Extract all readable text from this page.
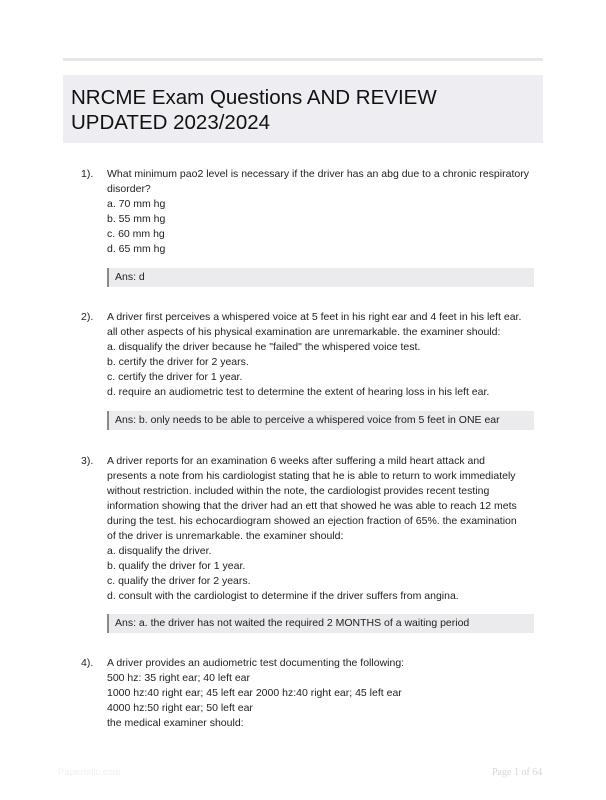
NRCME Exam Questions AND REVIEW UPDATED 2023/2024
1). What minimum pao2 level is necessary if the driver has an abg due to a chronic respiratory
disorder?
a. 70 mm hg
b. 55 mm hg
c. 60 mm hg
d. 65 mm hg
Ans: d
2). A driver first perceives a whispered voice at 5 feet in his right ear and 4 feet in his left ear.
all other aspects of his physical examination are unremarkable. the examiner should:
a. disqualify the driver because he "failed" the whispered voice test.
b. certify the driver for 2 years.
c. certify the driver for 1 year.
d. require an audiometric test to determine the extent of hearing loss in his left ear.
Ans: b. only needs to be able to perceive a whispered voice from 5 feet in ONE ear
3). A driver reports for an examination 6 weeks after suffering a mild heart attack and
presents a note from his cardiologist stating that he is able to return to work immediately
without restriction. included within the note, the cardiologist provides recent testing
information showing that the driver had an ett that showed he was able to reach 12 mets
during the test. his echocardiogram showed an ejection fraction of 65%. the examination
of the driver is unremarkable. the examiner should:
a. disqualify the driver.
b. qualify the driver for 1 year.
c. qualify the driver for 2 years.
d. consult with the cardiologist to determine if the driver suffers from angina.
Ans: a. the driver has not waited the required 2 MONTHS of a waiting period
4). A driver provides an audiometric test documenting the following:
500 hz: 35 right ear; 40 left ear
1000 hz:40 right ear; 45 left ear 2000 hz:40 right ear; 45 left ear
4000 hz:50 right ear; 50 left ear
the medical examiner should:
Papertelic.com	Page 1 of 64
